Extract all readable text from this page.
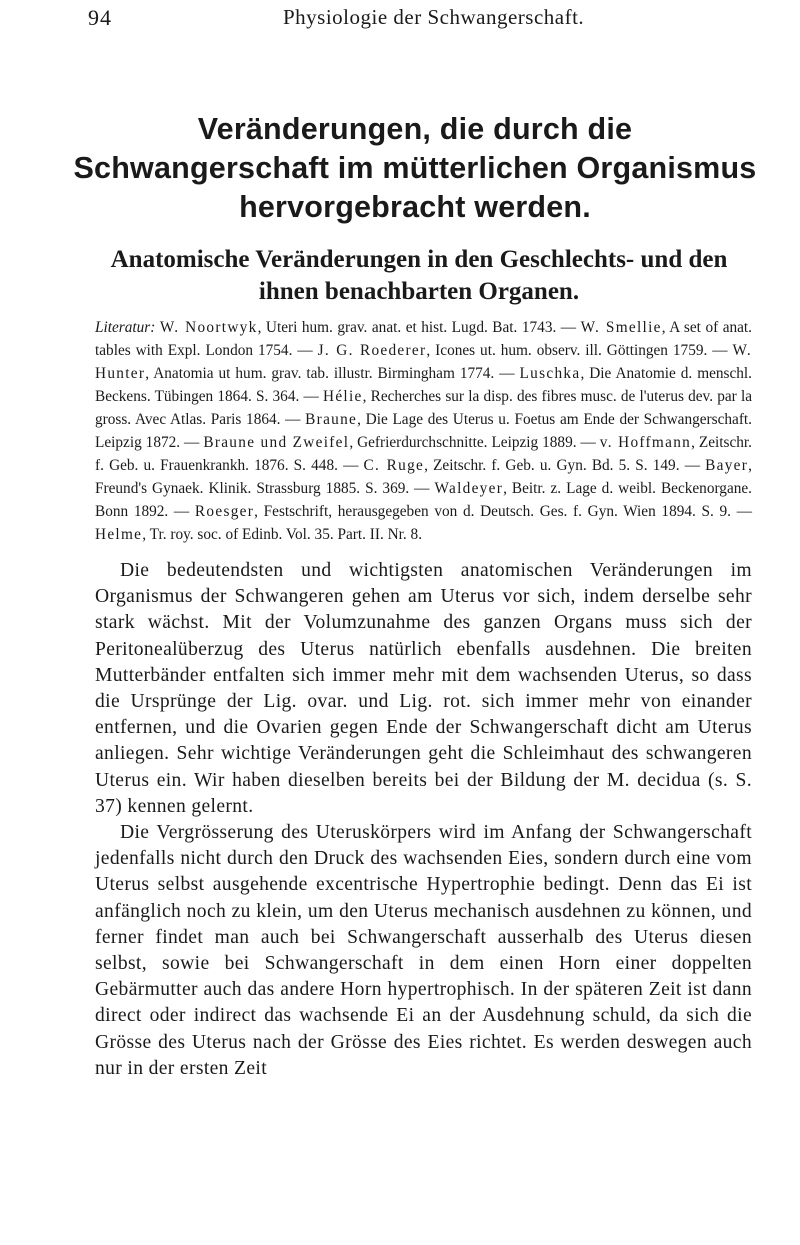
94	Physiologie der Schwangerschaft.
Veränderungen, die durch die Schwangerschaft im mütterlichen Organismus hervorgebracht werden.
Anatomische Veränderungen in den Geschlechts- und den ihnen benachbarten Organen.

Literatur: W. Noortwyk, Uteri hum. grav. anat. et hist. Lugd. Bat. 1743. — W. Smellie, A set of anat. tables with Expl. London 1754. — J. G. Roederer, Icones ut. hum. observ. ill. Göttingen 1759. — W. Hunter, Anatomia ut hum. grav. tab. illustr. Birmingham 1774. — Luschka, Die Anatomie d. menschl. Beckens. Tübingen 1864. S. 364. — Hélie, Recherches sur la disp. des fibres musc. de l'uterus dev. par la gross. Avec Atlas. Paris 1864. — Braune, Die Lage des Uterus u. Foetus am Ende der Schwangerschaft. Leipzig 1872. — Braune und Zweifel, Gefrierdurchschnitte. Leipzig 1889. — v. Hoffmann, Zeitschr. f. Geb. u. Frauenkrankh. 1876. S. 448. — C. Ruge, Zeitschr. f. Geb. u. Gyn. Bd. 5. S. 149. — Bayer, Freund's Gynaek. Klinik. Strassburg 1885. S. 369. — Waldeyer, Beitr. z. Lage d. weibl. Beckenorgane. Bonn 1892. — Roesger, Festschrift, herausgegeben von d. Deutsch. Ges. f. Gyn. Wien 1894. S. 9. — Helme, Tr. roy. soc. of Edinb. Vol. 35. Part. II. Nr. 8.

Die bedeutendsten und wichtigsten anatomischen Veränderungen im Organismus der Schwangeren gehen am Uterus vor sich, indem derselbe sehr stark wächst. Mit der Volumzunahme des ganzen Organs muss sich der Peritonealüberzug des Uterus natürlich ebenfalls ausdehnen. Die breiten Mutterbänder entfalten sich immer mehr mit dem wachsenden Uterus, so dass die Ursprünge der Lig. ovar. und Lig. rot. sich immer mehr von einander entfernen, und die Ovarien gegen Ende der Schwangerschaft dicht am Uterus anliegen. Sehr wichtige Veränderungen geht die Schleimhaut des schwangeren Uterus ein. Wir haben dieselben bereits bei der Bildung der M. decidua (s. S. 37) kennen gelernt.

Die Vergrösserung des Uteruskörpers wird im Anfang der Schwangerschaft jedenfalls nicht durch den Druck des wachsenden Eies, sondern durch eine vom Uterus selbst ausgehende excentrische Hypertrophie bedingt. Denn das Ei ist anfänglich noch zu klein, um den Uterus mechanisch ausdehnen zu können, und ferner findet man auch bei Schwangerschaft ausserhalb des Uterus diesen selbst, sowie bei Schwangerschaft in dem einen Horn einer doppelten Gebärmutter auch das andere Horn hypertrophisch. In der späteren Zeit ist dann direct oder indirect das wachsende Ei an der Ausdehnung schuld, da sich die Grösse des Uterus nach der Grösse des Eies richtet. Es werden deswegen auch nur in der ersten Zeit
